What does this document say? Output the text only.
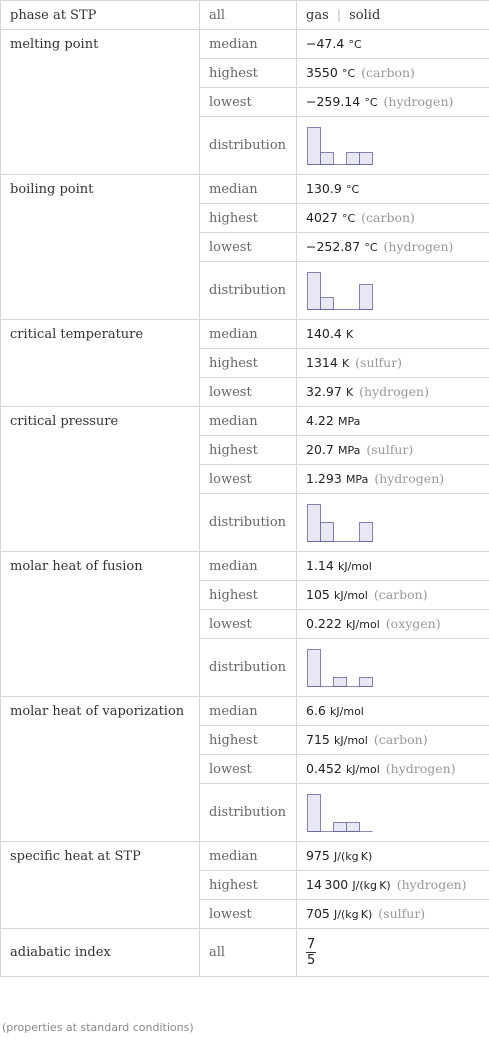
phase at STP	all	gas | solid
melting point	median	−47.4 °C
	highest	3550 °C (carbon)
	lowest	−259.14 °C (hydrogen)
	distribution	

boiling point	median	130.9 °C
	highest	4027 °C (carbon)
	lowest	−252.87 °C (hydrogen)
	distribution	

critical temperature	median	140.4 K
	highest	1314 K (sulfur)
	lowest	32.97 K (hydrogen)
critical pressure	median	4.22 MPa
	highest	20.7 MPa (sulfur)
	lowest	1.293 MPa (hydrogen)
	distribution	

molar heat of fusion	median	1.14 kJ/mol
	highest	105 kJ/mol (carbon)
	lowest	0.222 kJ/mol (oxygen)
	distribution	

molar heat of vaporization	median	6.6 kJ/mol
	highest	715 kJ/mol (carbon)
	lowest	0.452 kJ/mol (hydrogen)
	distribution	

specific heat at STP	median	975 J/(kg K)
	highest	14 300 J/(kg K) (hydrogen)
	lowest	705 J/(kg K) (sulfur)
adiabatic index	all	$\frac{7}{5}$
(properties at standard conditions)
